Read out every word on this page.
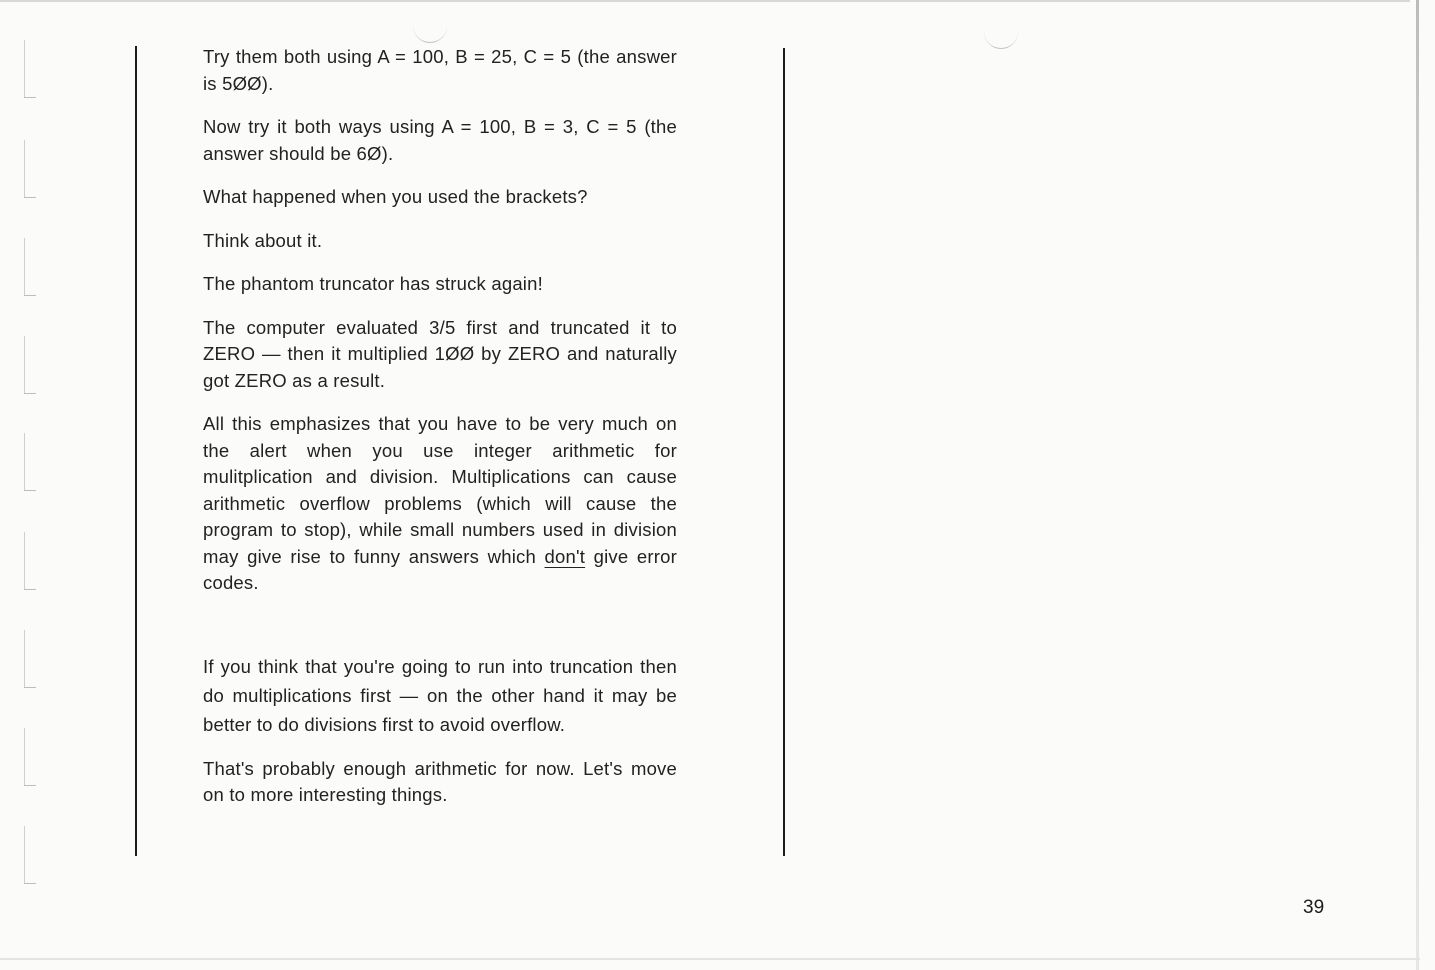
Try them both using A = 100, B = 25, C = 5 (the answer is 5ØØ).

Now try it both ways using A = 100, B = 3, C = 5 (the answer should be 6Ø).

What happened when you used the brackets?

Think about it.

The phantom truncator has struck again!

The computer evaluated 3/5 first and truncated it to ZERO — then it multiplied 1ØØ by ZERO and naturally got ZERO as a result.

All this emphasizes that you have to be very much on the alert when you use integer arithmetic for mulitplication and division. Multiplications can cause arithmetic overflow problems (which will cause the program to stop), while small numbers used in division may give rise to funny answers which don't give error codes.

If you think that you're going to run into truncation then do multiplications first — on the other hand it may be better to do divisions first to avoid overflow.

That's probably enough arithmetic for now. Let's move on to more interesting things.

39
